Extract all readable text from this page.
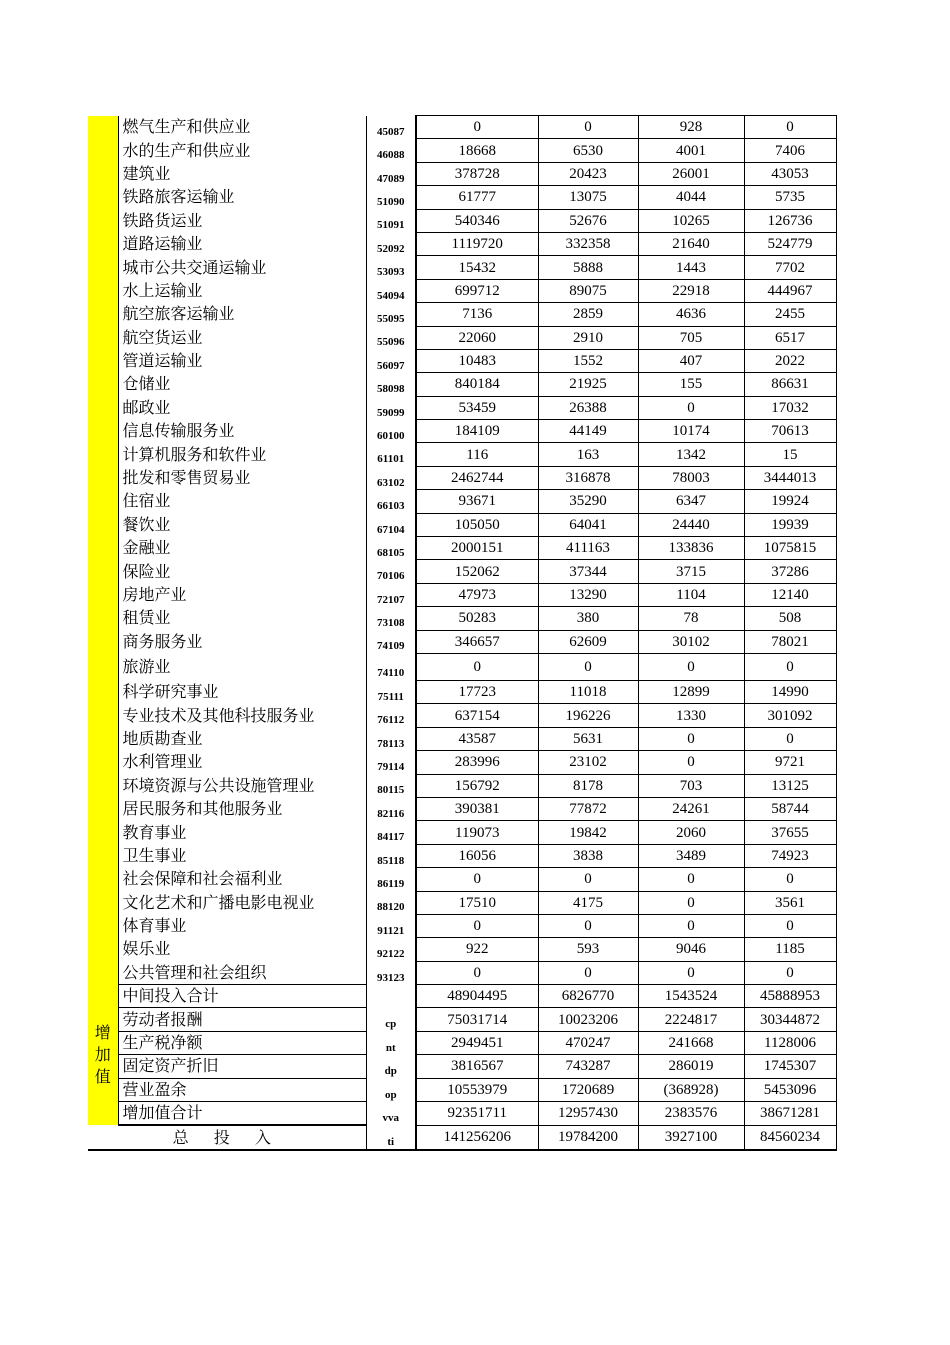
	燃气生产和供应业	45087	0	0	928	0
	水的生产和供应业	46088	18668	6530	4001	7406
	建筑业	47089	378728	20423	26001	43053
	铁路旅客运输业	51090	61777	13075	4044	5735
	铁路货运业	51091	540346	52676	10265	126736
	道路运输业	52092	1119720	332358	21640	524779
	城市公共交通运输业	53093	15432	5888	1443	7702
	水上运输业	54094	699712	89075	22918	444967
	航空旅客运输业	55095	7136	2859	4636	2455
	航空货运业	55096	22060	2910	705	6517
	管道运输业	56097	10483	1552	407	2022
	仓储业	58098	840184	21925	155	86631
	邮政业	59099	53459	26388	0	17032
	信息传输服务业	60100	184109	44149	10174	70613
	计算机服务和软件业	61101	116	163	1342	15
	批发和零售贸易业	63102	2462744	316878	78003	3444013
	住宿业	66103	93671	35290	6347	19924
	餐饮业	67104	105050	64041	24440	19939
	金融业	68105	2000151	411163	133836	1075815
	保险业	70106	152062	37344	3715	37286
	房地产业	72107	47973	13290	1104	12140
	租赁业	73108	50283	380	78	508
	商务服务业	74109	346657	62609	30102	78021
	旅游业	74110	0	0	0	0
	科学研究事业	75111	17723	11018	12899	14990
	专业技术及其他科技服务业	76112	637154	196226	1330	301092
	地质勘查业	78113	43587	5631	0	0
	水利管理业	79114	283996	23102	0	9721
	环境资源与公共设施管理业	80115	156792	8178	703	13125
	居民服务和其他服务业	82116	390381	77872	24261	58744
	教育事业	84117	119073	19842	2060	37655
	卫生事业	85118	16056	3838	3489	74923
	社会保障和社会福利业	86119	0	0	0	0
	文化艺术和广播电影电视业	88120	17510	4175	0	3561
	体育事业	91121	0	0	0	0
	娱乐业	92122	922	593	9046	1185
	公共管理和社会组织	93123	0	0	0	0
	中间投入合计		48904495	6826770	1543524	45888953

增
加
值	劳动者报酬	cp	75031714	10023206	2224817	30344872
	生产税净额	nt	2949451	470247	241668	1128006
	固定资产折旧	dp	3816567	743287	286019	1745307
	营业盈余	op	10553979	1720689	(368928)	5453096
	增加值合计	vva	92351711	12957430	2383576	38671281
总 投 入		ti	141256206	19784200	3927100	84560234
